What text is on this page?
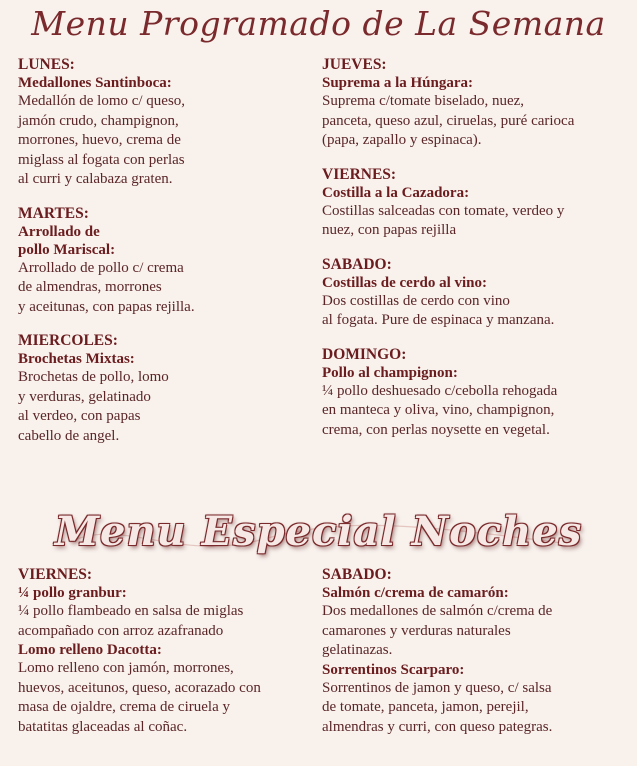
Menu Programado de La Semana
LUNES:
Medallones Santinboca:
Medallón de lomo c/ queso,
jamón crudo, champignon,
morrones, huevo, crema de
miglass al fogata con perlas
al curri y calabaza graten.
MARTES:
Arrollado de
pollo Mariscal:
Arrollado de pollo c/ crema
de almendras, morrones
y aceitunas, con papas rejilla.
MIERCOLES:
Brochetas Mixtas:
Brochetas de pollo, lomo
y verduras, gelatinado
al verdeo, con papas
cabello de angel.
JUEVES:
Suprema a la Húngara:
Suprema c/tomate biselado, nuez,
panceta, queso azul, ciruelas, puré carioca
(papa, zapallo y espinaca).
VIERNES:
Costilla a la Cazadora:
Costillas salceadas con tomate, verdeo y
nuez, con papas rejilla
SABADO:
Costillas de cerdo al vino:
Dos costillas de cerdo con vino
al fogata. Pure de espinaca y manzana.
DOMINGO:
Pollo al champignon:
¼ pollo deshuesado c/cebolla rehogada
en manteca y oliva, vino, champignon,
crema, con perlas noysette en vegetal.
Menu Especial Noches
VIERNES:
¼ pollo granbur:
¼ pollo flambeado en salsa de miglas
acompañado con arroz azafranado
Lomo relleno Dacotta:
Lomo relleno con jamón, morrones,
huevos, aceitunos, queso, acorazado con
masa de ojaldre, crema de ciruela y
batatitas glaceadas al coñac.
SABADO:
Salmón c/crema de camarón:
Dos medallones de salmón c/crema de
camarones y verduras naturales
gelatinazas.
Sorrentinos Scarparo:
Sorrentinos de jamon y queso, c/ salsa
de tomate, panceta, jamon, perejil,
almendras y curri, con queso pategras.
